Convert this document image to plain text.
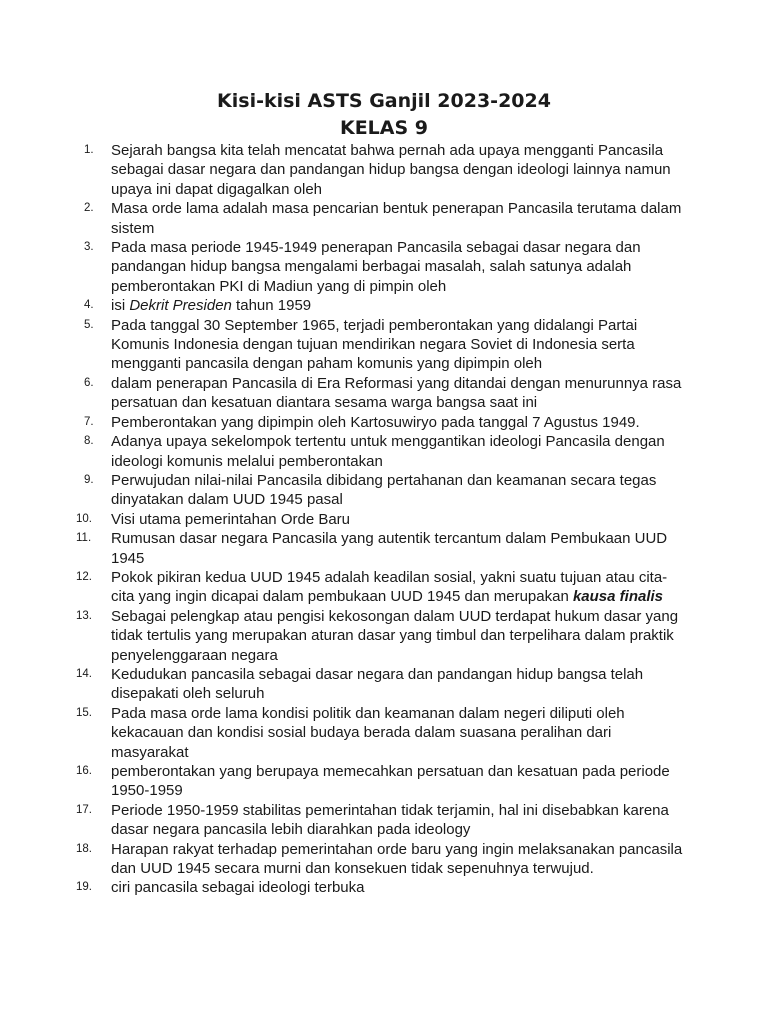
Kisi-kisi ASTS Ganjil 2023-2024
KELAS 9
1.	Sejarah bangsa kita telah mencatat bahwa pernah ada upaya mengganti Pancasila sebagai dasar negara dan pandangan hidup bangsa dengan ideologi lainnya namun upaya ini dapat digagalkan oleh
2.	Masa orde lama adalah masa pencarian bentuk penerapan Pancasila terutama dalam sistem
3.	Pada masa periode 1945-1949 penerapan Pancasila sebagai dasar negara dan pandangan hidup bangsa mengalami berbagai masalah, salah satunya adalah pemberontakan PKI di Madiun yang di pimpin oleh
4.	isi Dekrit Presiden tahun 1959
5.	Pada tanggal 30 September 1965, terjadi pemberontakan yang didalangi Partai Komunis Indonesia dengan tujuan mendirikan negara Soviet di Indonesia serta mengganti pancasila dengan paham komunis yang dipimpin oleh
6.	dalam penerapan Pancasila di Era Reformasi yang ditandai dengan menurunnya rasa persatuan dan kesatuan diantara sesama warga bangsa saat ini
7.	Pemberontakan yang dipimpin oleh Kartosuwiryo pada tanggal 7 Agustus 1949.
8.	Adanya upaya sekelompok tertentu untuk menggantikan ideologi Pancasila dengan ideologi komunis melalui pemberontakan
9.	Perwujudan nilai-nilai Pancasila dibidang pertahanan dan keamanan secara tegas dinyatakan dalam UUD 1945 pasal
10.	Visi utama pemerintahan Orde Baru
11.	Rumusan dasar negara Pancasila yang autentik tercantum dalam Pembukaan UUD 1945
12.	Pokok pikiran kedua UUD 1945 adalah keadilan sosial, yakni suatu tujuan atau cita-cita yang ingin dicapai dalam pembukaan UUD 1945 dan merupakan kausa finalis
13.	Sebagai pelengkap atau pengisi kekosongan dalam UUD terdapat hukum dasar yang tidak tertulis yang merupakan aturan dasar yang timbul dan terpelihara dalam praktik penyelenggaraan negara
14.	Kedudukan pancasila sebagai dasar negara dan pandangan hidup bangsa telah disepakati oleh seluruh
15.	Pada masa orde lama kondisi politik dan keamanan dalam negeri diliputi oleh kekacauan dan kondisi sosial budaya berada dalam suasana peralihan dari masyarakat
16.	pemberontakan yang berupaya memecahkan persatuan dan kesatuan pada periode 1950-1959
17.	Periode 1950-1959 stabilitas pemerintahan tidak terjamin, hal ini disebabkan karena dasar negara pancasila lebih diarahkan pada ideology
18.	Harapan rakyat terhadap pemerintahan orde baru yang ingin melaksanakan pancasila dan UUD 1945 secara murni dan konsekuen tidak sepenuhnya terwujud.
19.	ciri pancasila sebagai ideologi terbuka
